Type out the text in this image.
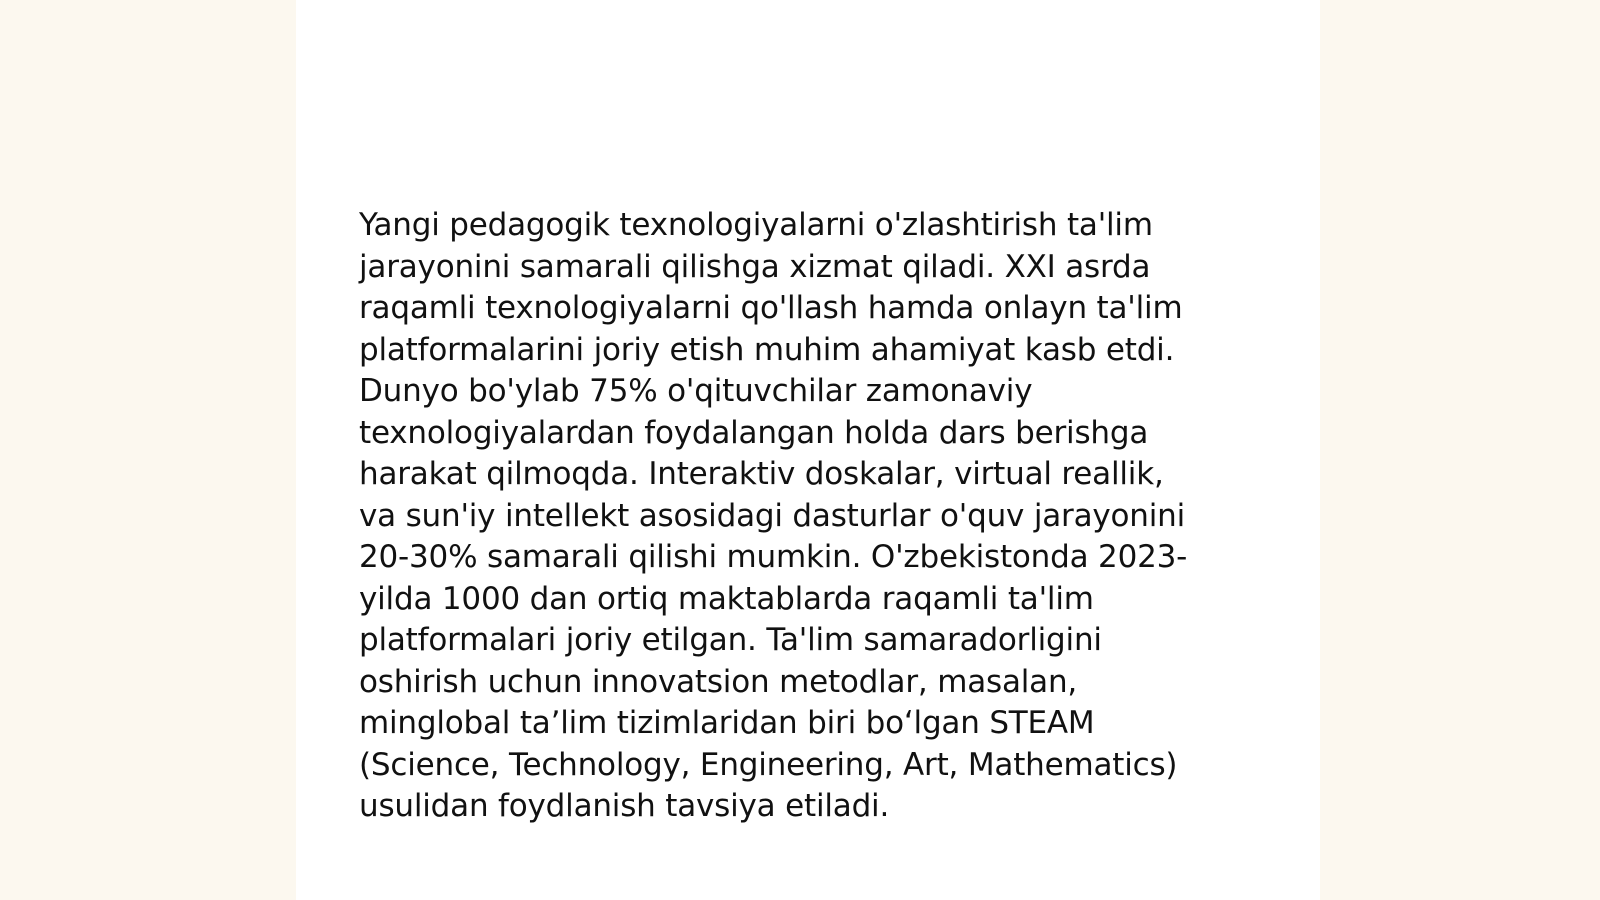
Yangi pedagogik texnologiyalarni o'zlashtirish ta'lim
jarayonini samarali qilishga xizmat qiladi. XXI asrda
raqamli texnologiyalarni qo'llash hamda onlayn ta'lim
platformalarini joriy etish muhim ahamiyat kasb etdi.
Dunyo bo'ylab 75% o'qituvchilar zamonaviy
texnologiyalardan foydalangan holda dars berishga
harakat qilmoqda. Interaktiv doskalar, virtual reallik,
va sun'iy intellekt asosidagi dasturlar o'quv jarayonini
20-30% samarali qilishi mumkin. O'zbekistonda 2023-
yilda 1000 dan ortiq maktablarda raqamli ta'lim
platformalari joriy etilgan. Ta'lim samaradorligini
oshirish uchun innovatsion metodlar, masalan,
minglobal ta’lim tizimlaridan biri bo‘lgan STEAM
(Science, Technology, Engineering, Art, Mathematics)
usulidan foydlanish tavsiya etiladi.
